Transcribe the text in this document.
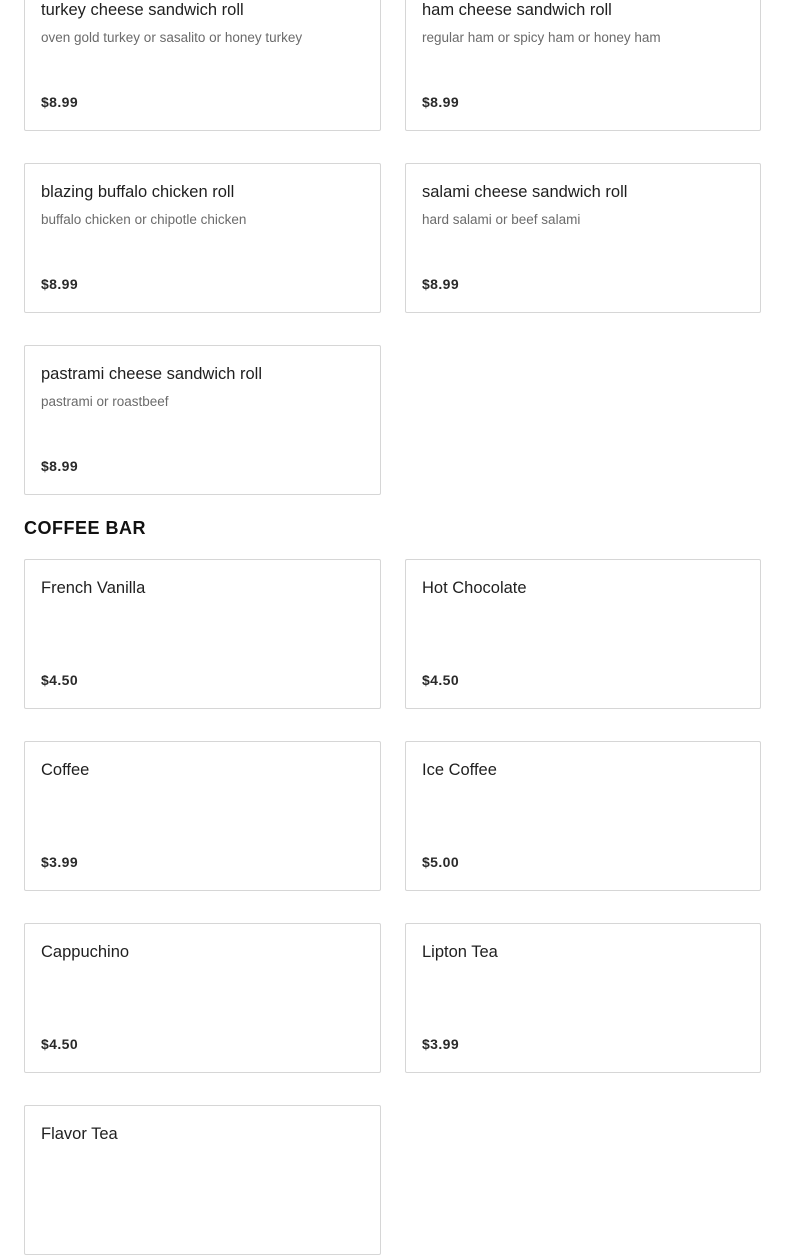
turkey cheese sandwich roll
oven gold turkey or sasalito or honey turkey
$8.99
ham cheese sandwich roll
regular ham or spicy ham or honey ham
$8.99
blazing buffalo chicken roll
buffalo chicken or chipotle chicken
$8.99
salami cheese sandwich roll
hard salami or beef salami
$8.99
pastrami cheese sandwich roll
pastrami or roastbeef
$8.99
COFFEE BAR
French Vanilla
$4.50
Hot Chocolate
$4.50
Coffee
$3.99
Ice Coffee
$5.00
Cappuchino
$4.50
Lipton Tea
$3.99
Flavor Tea
